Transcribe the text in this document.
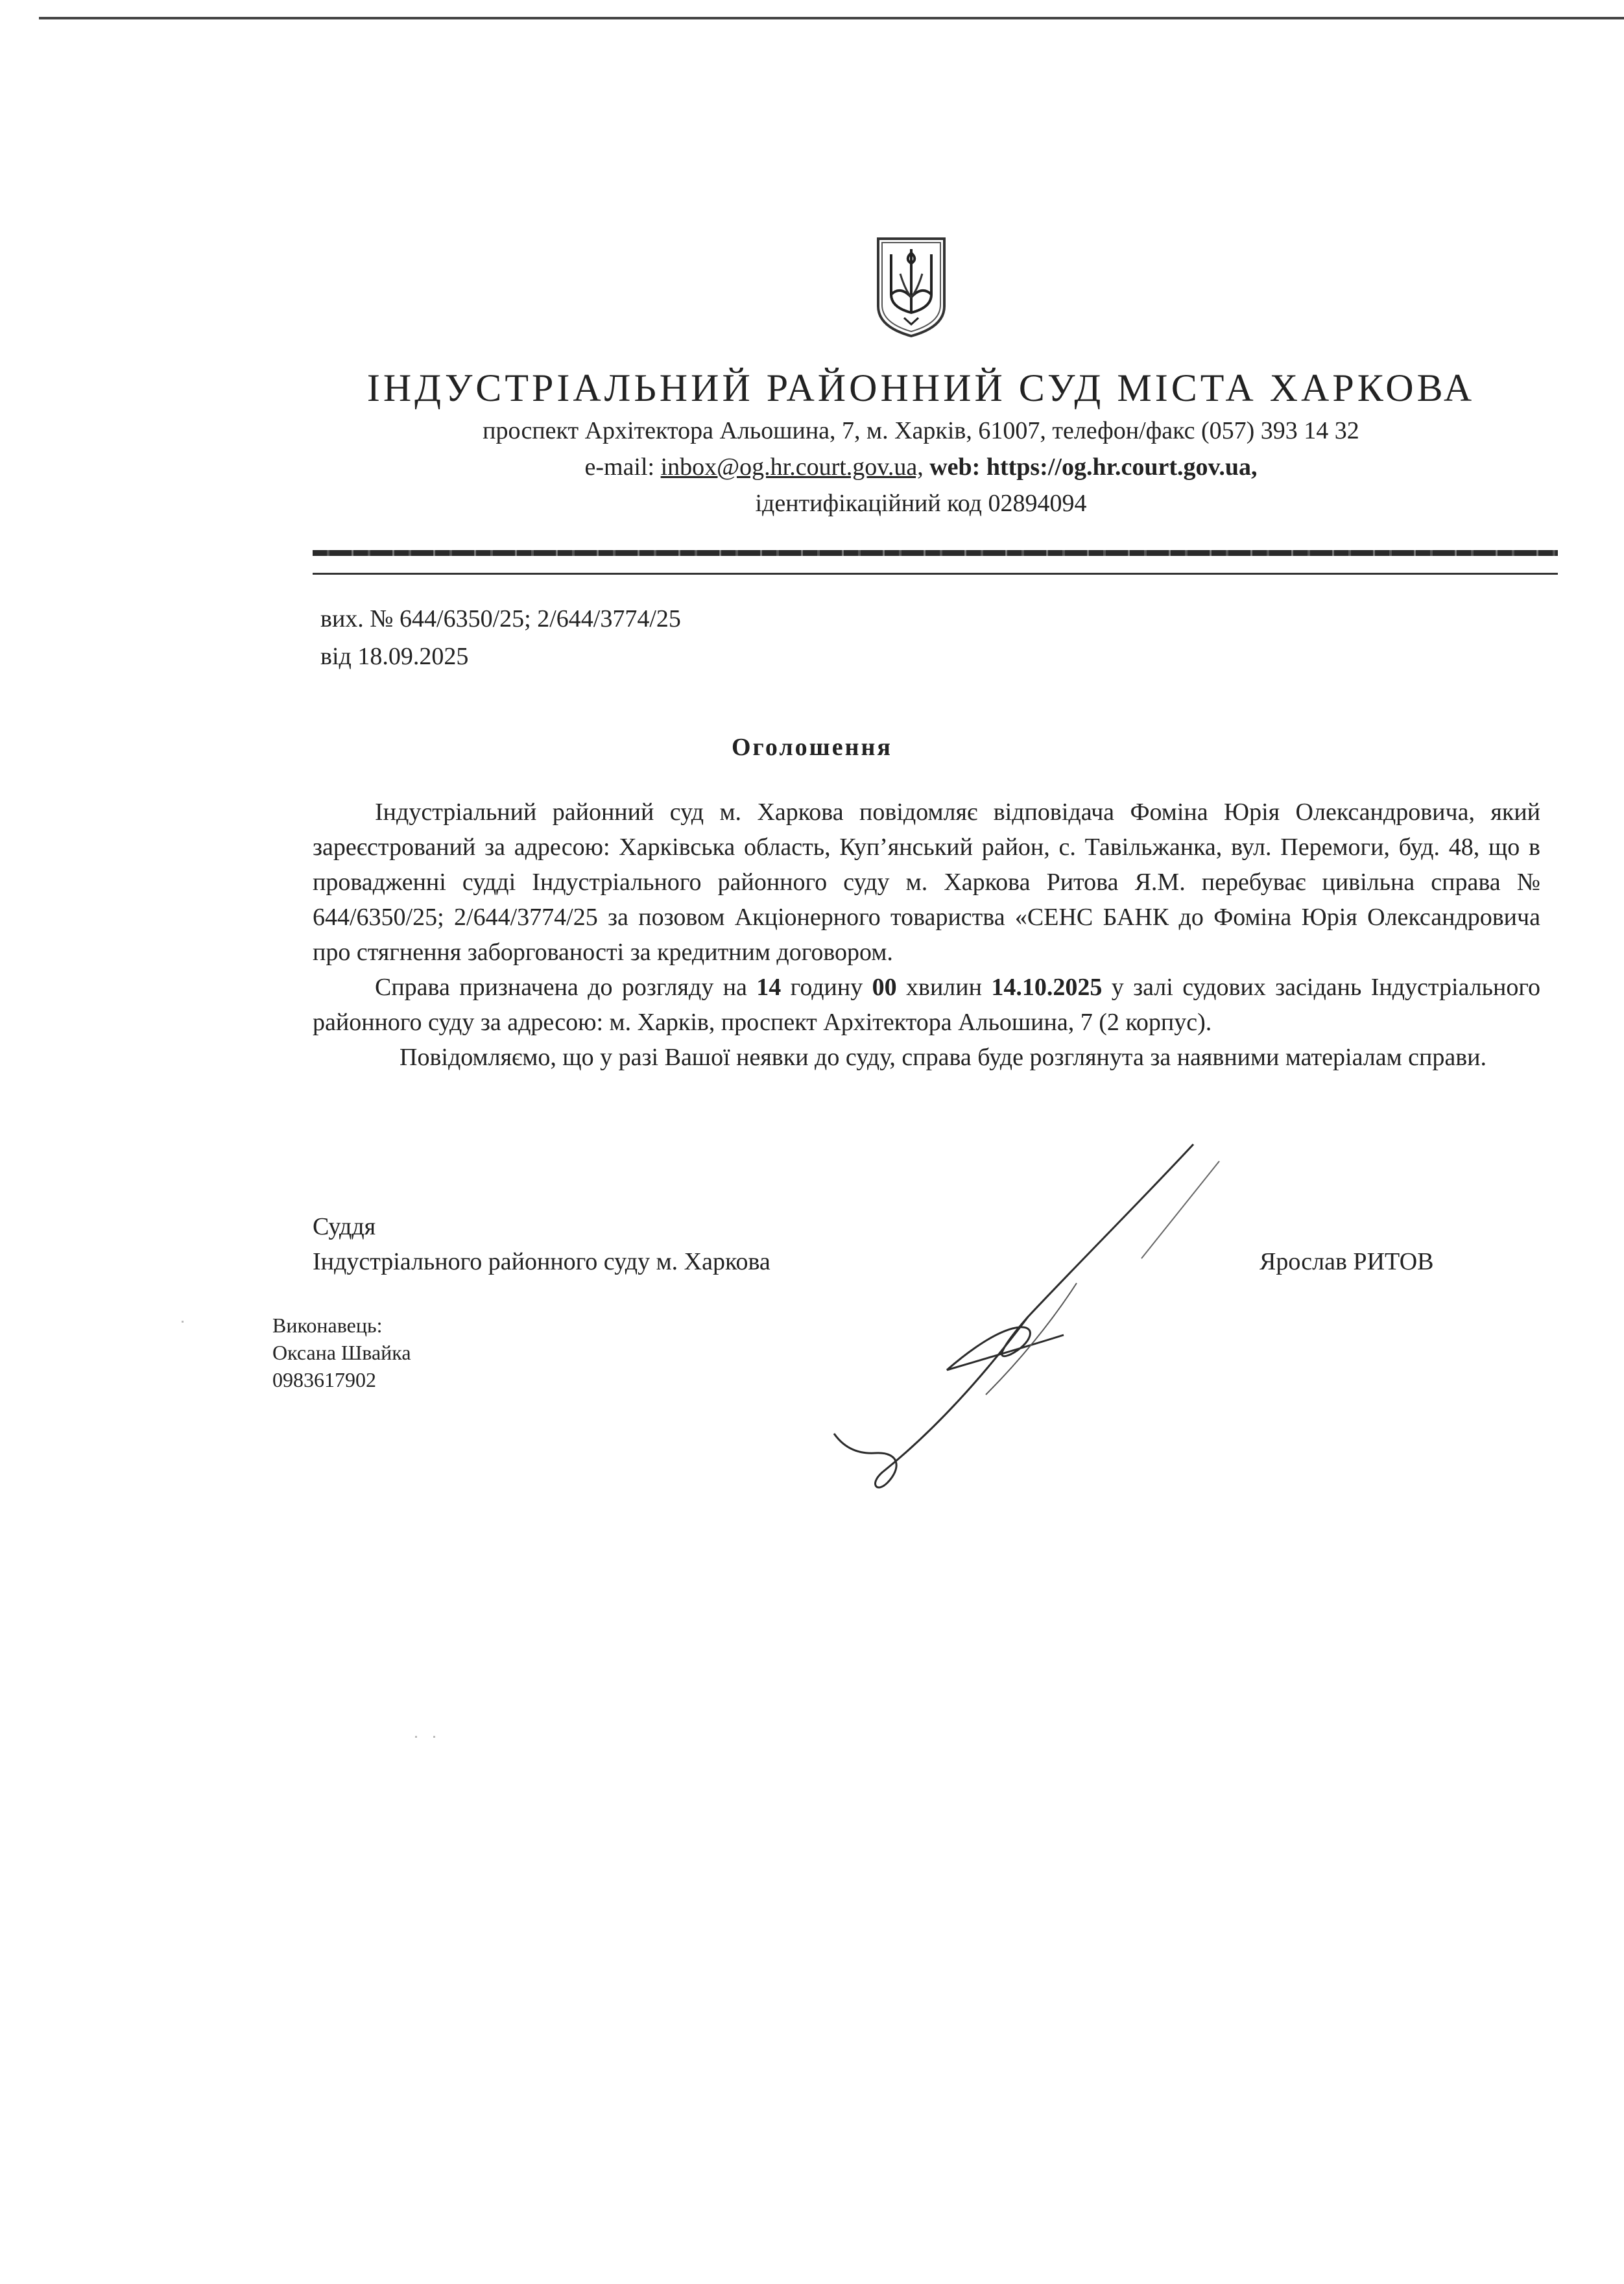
ІНДУСТРІАЛЬНИЙ РАЙОННИЙ СУД МІСТА ХАРКОВА
проспект Архітектора Альошина, 7, м. Харків, 61007, телефон/факс (057) 393 14 32
e-mail: inbox@og.hr.court.gov.ua, web: https://og.hr.court.gov.ua,
ідентифікаційний код 02894094
вих. № 644/6350/25; 2/644/3774/25
від 18.09.2025
Оголошення

Індустріальний районний суд м. Харкова повідомляє відповідача Фоміна Юрія Олександровича, який зареєстрований за адресою: Харківська область, Куп’янський район, с. Тавільжанка, вул. Перемоги, буд. 48, що в провадженні судді Індустріального районного суду м. Харкова Ритова Я.М. перебуває цивільна справа № 644/6350/25; 2/644/3774/25 за позовом Акціонерного товариства «СЕНС БАНК до Фоміна Юрія Олександровича про стягнення заборгованості за кредитним договором.

Справа призначена до розгляду на 14 годину 00 хвилин 14.10.2025 у залі судових засідань Індустріального районного суду за адресою: м. Харків, проспект Архітектора Альошина, 7 (2 корпус).

Повідомляємо, що у разі Вашої неявки до суду, справа буде розглянута за наявними матеріалам справи.

Суддя
Індустріального районного суду м. Харкова	Ярослав РИТОВ
Виконавець:
Оксана Швайка
0983617902
